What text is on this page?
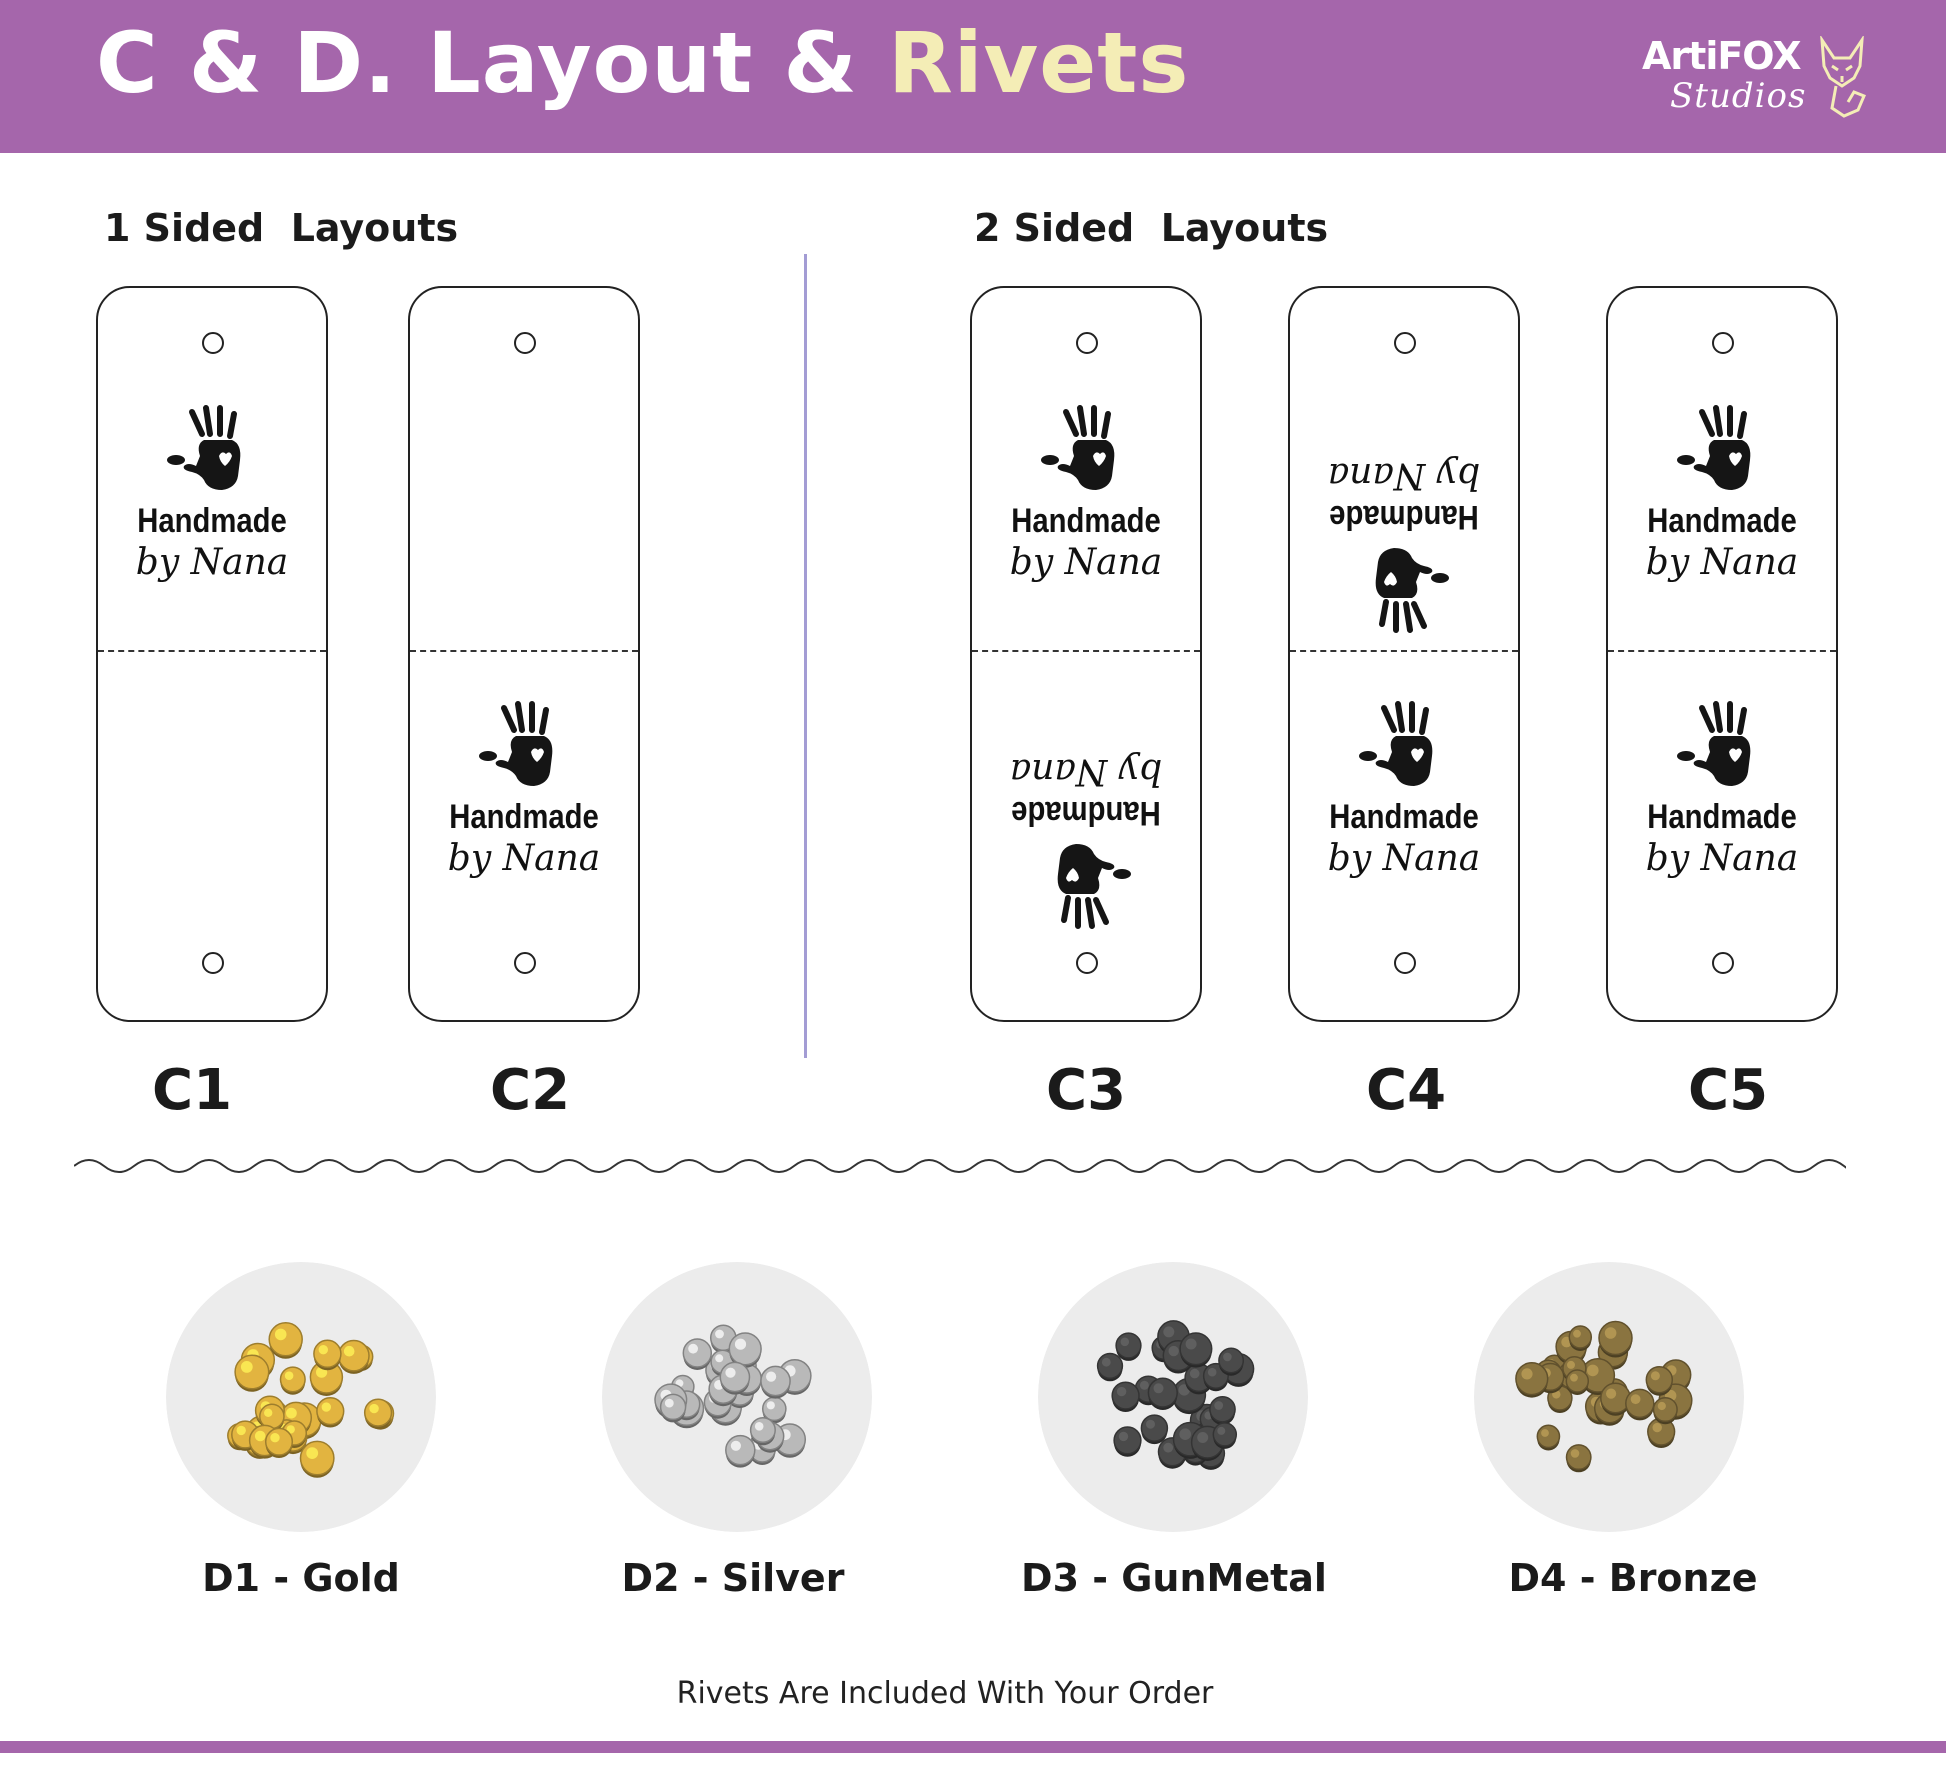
C & D. Layout & Rivets	ArtiFOX
Studios
1 Sided  Layouts	2 Sided  Layouts
Handmade
by Nana
C1
Handmade
by Nana
C2
Handmade
by Nana
Handmade
by Nana
C3
Handmade
by Nana
Handmade
by Nana
C4
Handmade
by Nana
Handmade
by Nana
C5
D1 - Gold	D2 - Silver	D3 - GunMetal	D4 - Bronze
Rivets Are Included With Your Order
